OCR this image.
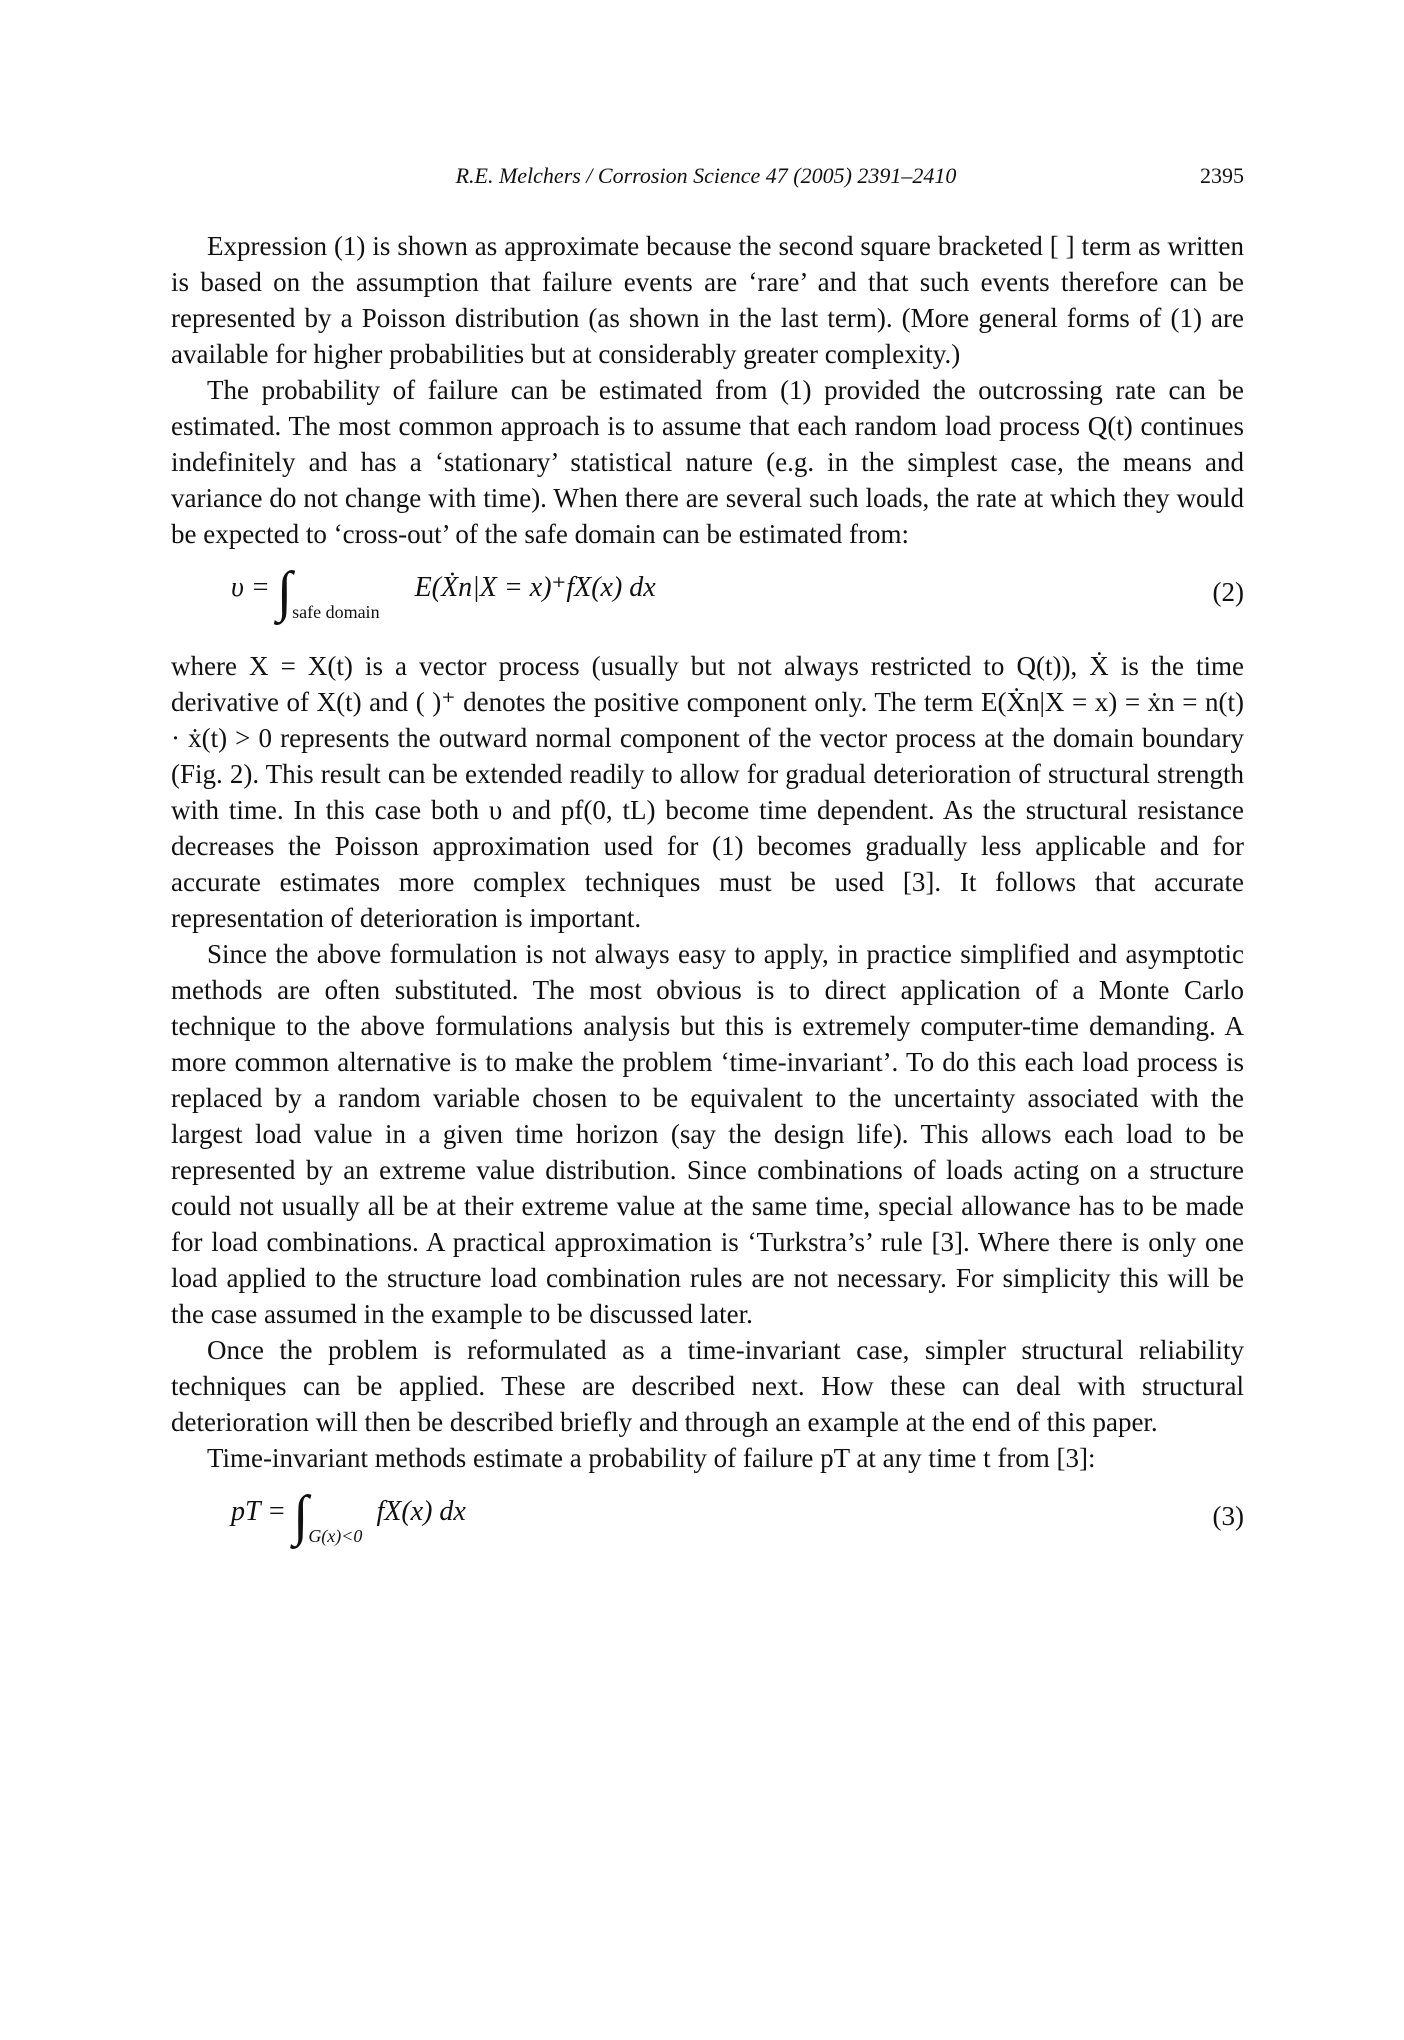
R.E. Melchers / Corrosion Science 47 (2005) 2391–2410	2395

Expression (1) is shown as approximate because the second square bracketed [ ] term as written is based on the assumption that failure events are ‘rare’ and that such events therefore can be represented by a Poisson distribution (as shown in the last term). (More general forms of (1) are available for higher probabilities but at considerably greater complexity.)

The probability of failure can be estimated from (1) provided the outcrossing rate can be estimated. The most common approach is to assume that each random load process Q(t) continues indefinitely and has a ‘stationary’ statistical nature (e.g. in the simplest case, the means and variance do not change with time). When there are several such loads, the rate at which they would be expected to ‘cross-out’ of the safe domain can be estimated from:

$\upsilon = \int_{safe domain}$     E(Ẋn|X = x)⁺fX(x) dx	(2)

where X = X(t) is a vector process (usually but not always restricted to Q(t)), Ẋ is the time derivative of X(t) and ( )⁺ denotes the positive component only. The term E(Ẋn|X = x) = ẋn = n(t) · ẋ(t) > 0 represents the outward normal component of the vector process at the domain boundary (Fig. 2). This result can be extended readily to allow for gradual deterioration of structural strength with time. In this case both υ and pf(0, tL) become time dependent. As the structural resistance decreases the Poisson approximation used for (1) becomes gradually less applicable and for accurate estimates more complex techniques must be used [3]. It follows that accurate representation of deterioration is important.

Since the above formulation is not always easy to apply, in practice simplified and asymptotic methods are often substituted. The most obvious is to direct application of a Monte Carlo technique to the above formulations analysis but this is extremely computer-time demanding. A more common alternative is to make the problem ‘time-invariant’. To do this each load process is replaced by a random variable chosen to be equivalent to the uncertainty associated with the largest load value in a given time horizon (say the design life). This allows each load to be represented by an extreme value distribution. Since combinations of loads acting on a structure could not usually all be at their extreme value at the same time, special allowance has to be made for load combinations. A practical approximation is ‘Turkstra’s’ rule [3]. Where there is only one load applied to the structure load combination rules are not necessary. For simplicity this will be the case assumed in the example to be discussed later.

Once the problem is reformulated as a time-invariant case, simpler structural reliability techniques can be applied. These are described next. How these can deal with structural deterioration will then be described briefly and through an example at the end of this paper.

Time-invariant methods estimate a probability of failure pT at any time t from [3]:

pT = $\int_{G(x)<0}$  fX(x) dx	(3)
